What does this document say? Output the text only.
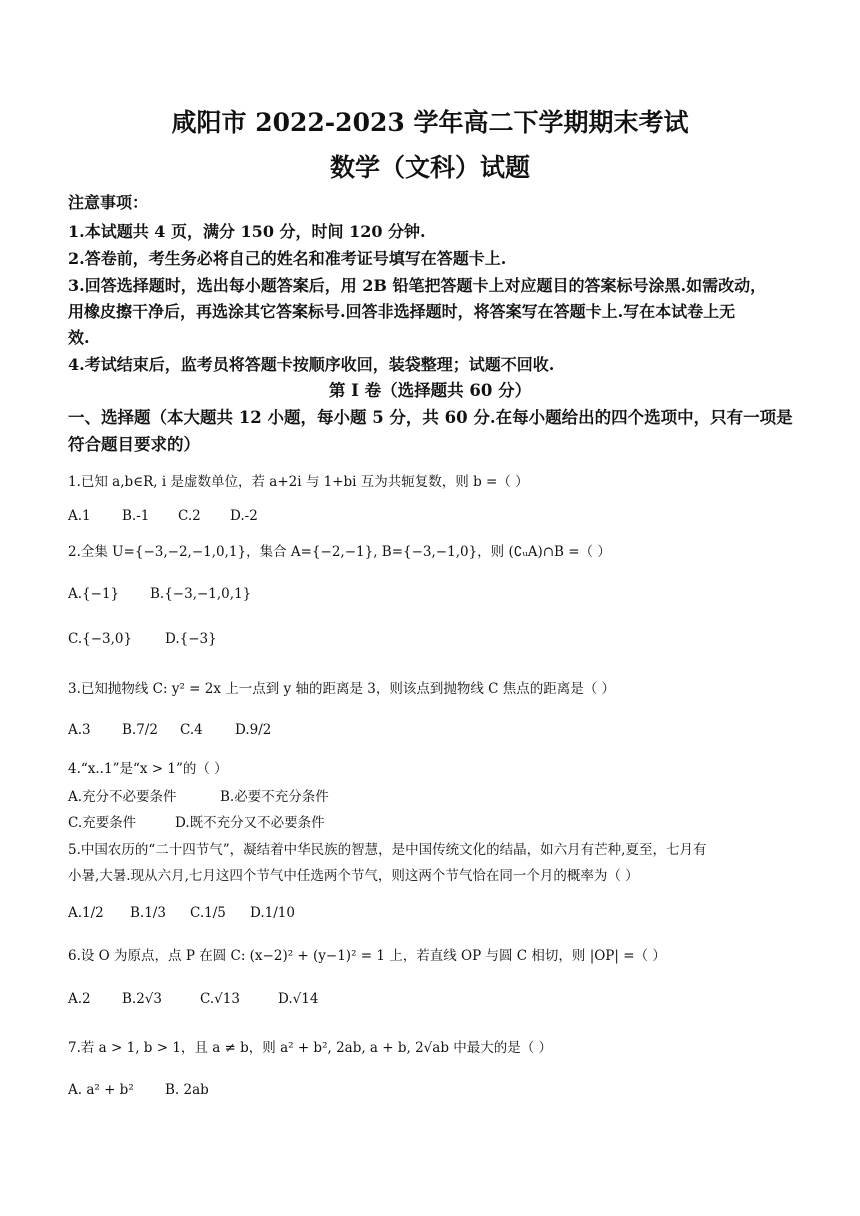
咸阳市 2022-2023 学年高二下学期期末考试
数学（文科）试题
注意事项：
1.本试题共 4 页，满分 150 分，时间 120 分钟.
2.答卷前，考生务必将自己的姓名和准考证号填写在答题卡上.
3.回答选择题时，选出每小题答案后，用 2B 铅笔把答题卡上对应题目的答案标号涂黑.如需改动，
用橡皮擦干净后，再选涂其它答案标号.回答非选择题时，将答案写在答题卡上.写在本试卷上无
效.
4.考试结束后，监考员将答题卡按顺序收回，装袋整理；试题不回收.
第 I 卷（选择题共 60 分）
一、选择题（本大题共 12 小题，每小题 5 分，共 60 分.在每小题给出的四个选项中，只有一项是
符合题目要求的）
1.已知 a,b∈R, i 是虚数单位，若 a+2i 与 1+bi 互为共轭复数，则 b =（ ）
A.1 B.-1 C.2 D.-2
2.全集 U={−3,−2,−1,0,1}，集合 A={−2,−1}, B={−3,−1,0}，则 (∁ᵤA)∩B =（ ）
A.{−1} B.{−3,−1,0,1}
C.{−3,0} D.{−3}
3.已知抛物线 C: y² = 2x 上一点到 y 轴的距离是 3，则该点到抛物线 C 焦点的距离是（ ）
A.3 B.7/2 C.4 D.9/2
4.“x..1”是“x > 1”的（ ）
A.充分不必要条件	B.必要不充分条件
C.充要条件	D.既不充分又不必要条件
5.中国农历的“二十四节气”，凝结着中华民族的智慧，是中国传统文化的结晶，如六月有芒种,夏至，七月有
小暑,大暑.现从六月,七月这四个节气中任选两个节气，则这两个节气恰在同一个月的概率为（ ）
A.1/2 B.1/3 C.1/5 D.1/10
6.设 O 为原点，点 P 在圆 C: (x−2)² + (y−1)² = 1 上，若直线 OP 与圆 C 相切，则 |OP| =（ ）
A.2 B.2√3	C.√13	D.√14
7.若 a > 1, b > 1，且 a ≠ b，则 a² + b², 2ab, a + b, 2√ab 中最大的是（ ）
A. a² + b² B. 2ab
